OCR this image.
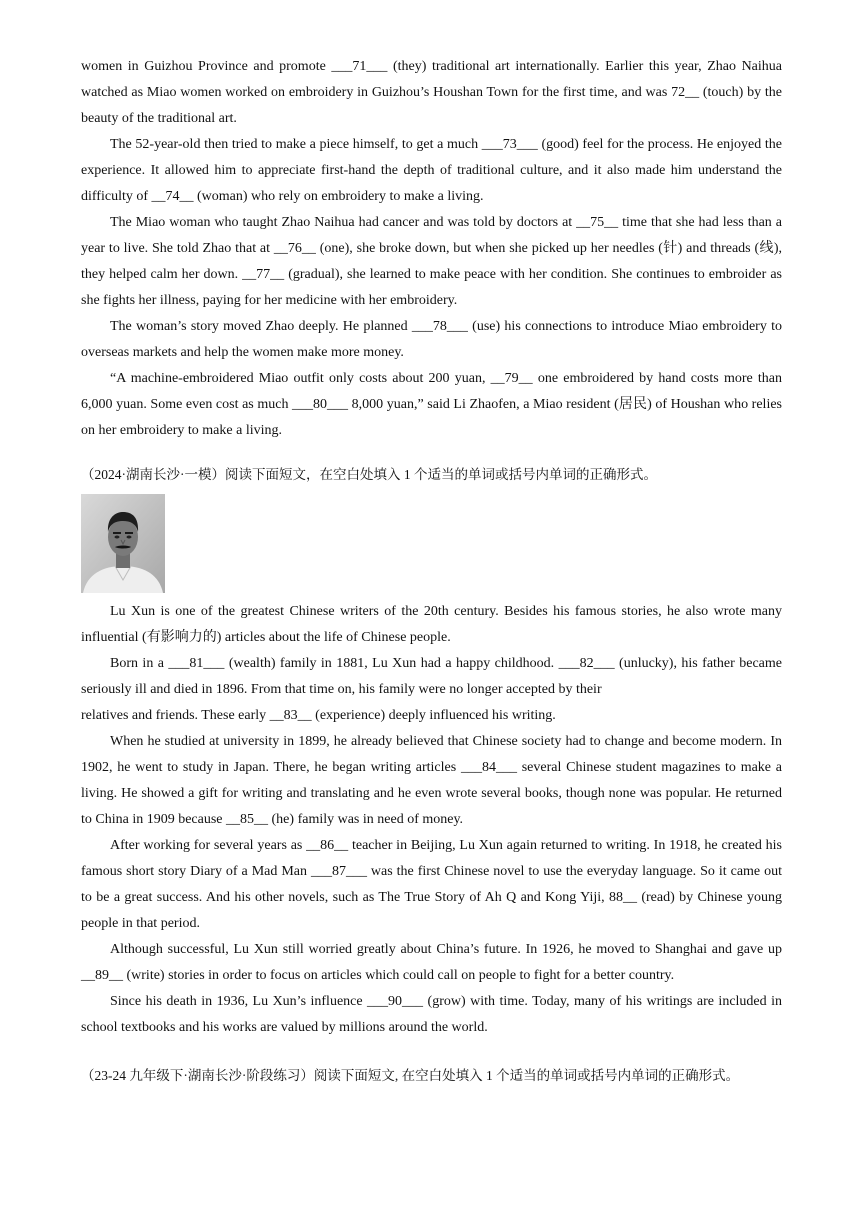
women in Guizhou Province and promote ___71___ (they) traditional art internationally. Earlier this year, Zhao Naihua watched as Miao women worked on embroidery in Guizhou’s Houshan Town for the first time, and was 72__ (touch) by the beauty of the traditional art.

The 52-year-old then tried to make a piece himself, to get a much ___73___ (good) feel for the process. He enjoyed the experience. It allowed him to appreciate first-hand the depth of traditional culture, and it also made him understand the difficulty of __74__ (woman) who rely on embroidery to make a living.

The Miao woman who taught Zhao Naihua had cancer and was told by doctors at __75__ time that she had less than a year to live. She told Zhao that at __76__ (one), she broke down, but when she picked up her needles (针) and threads (线), they helped calm her down. __77__ (gradual), she learned to make peace with her condition. She continues to embroider as she fights her illness, paying for her medicine with her embroidery.

The woman’s story moved Zhao deeply. He planned ___78___ (use) his connections to introduce Miao embroidery to overseas markets and help the women make more money.

“A machine-embroidered Miao outfit only costs about 200 yuan, __79__ one embroidered by hand costs more than 6,000 yuan. Some even cost as much ___80___ 8,000 yuan,” said Li Zhaofen, a Miao resident (居民) of Houshan who relies on her embroidery to make a living.

（2024·湖南长沙·一模）阅读下面短文，在空白处填入 1 个适当的单词或括号内单词的正确形式。

Lu Xun is one of the greatest Chinese writers of the 20th century. Besides his famous stories, he also wrote many influential (有影响力的) articles about the life of Chinese people.

Born in a ___81___ (wealth) family in 1881, Lu Xun had a happy childhood. ___82___ (unlucky), his father became seriously ill and died in 1896. From that time on, his family were no longer accepted by their

relatives and friends. These early __83__ (experience) deeply influenced his writing.

When he studied at university in 1899, he already believed that Chinese society had to change and become modern. In 1902, he went to study in Japan. There, he began writing articles ___84___ several Chinese student magazines to make a living. He showed a gift for writing and translating and he even wrote several books, though none was popular. He returned to China in 1909 because __85__ (he) family was in need of money.

After working for several years as __86__ teacher in Beijing, Lu Xun again returned to writing. In 1918, he created his famous short story Diary of a Mad Man ___87___ was the first Chinese novel to use the everyday language. So it came out to be a great success. And his other novels, such as The True Story of Ah Q and Kong Yiji, 88__ (read) by Chinese young people in that period.

Although successful, Lu Xun still worried greatly about China’s future. In 1926, he moved to Shanghai and gave up __89__ (write) stories in order to focus on articles which could call on people to fight for a better country.

Since his death in 1936, Lu Xun’s influence ___90___ (grow) with time. Today, many of his writings are included in school textbooks and his works are valued by millions around the world.

（23-24 九年级下·湖南长沙·阶段练习）阅读下面短文, 在空白处填入 1 个适当的单词或括号内单词的正确形式。
